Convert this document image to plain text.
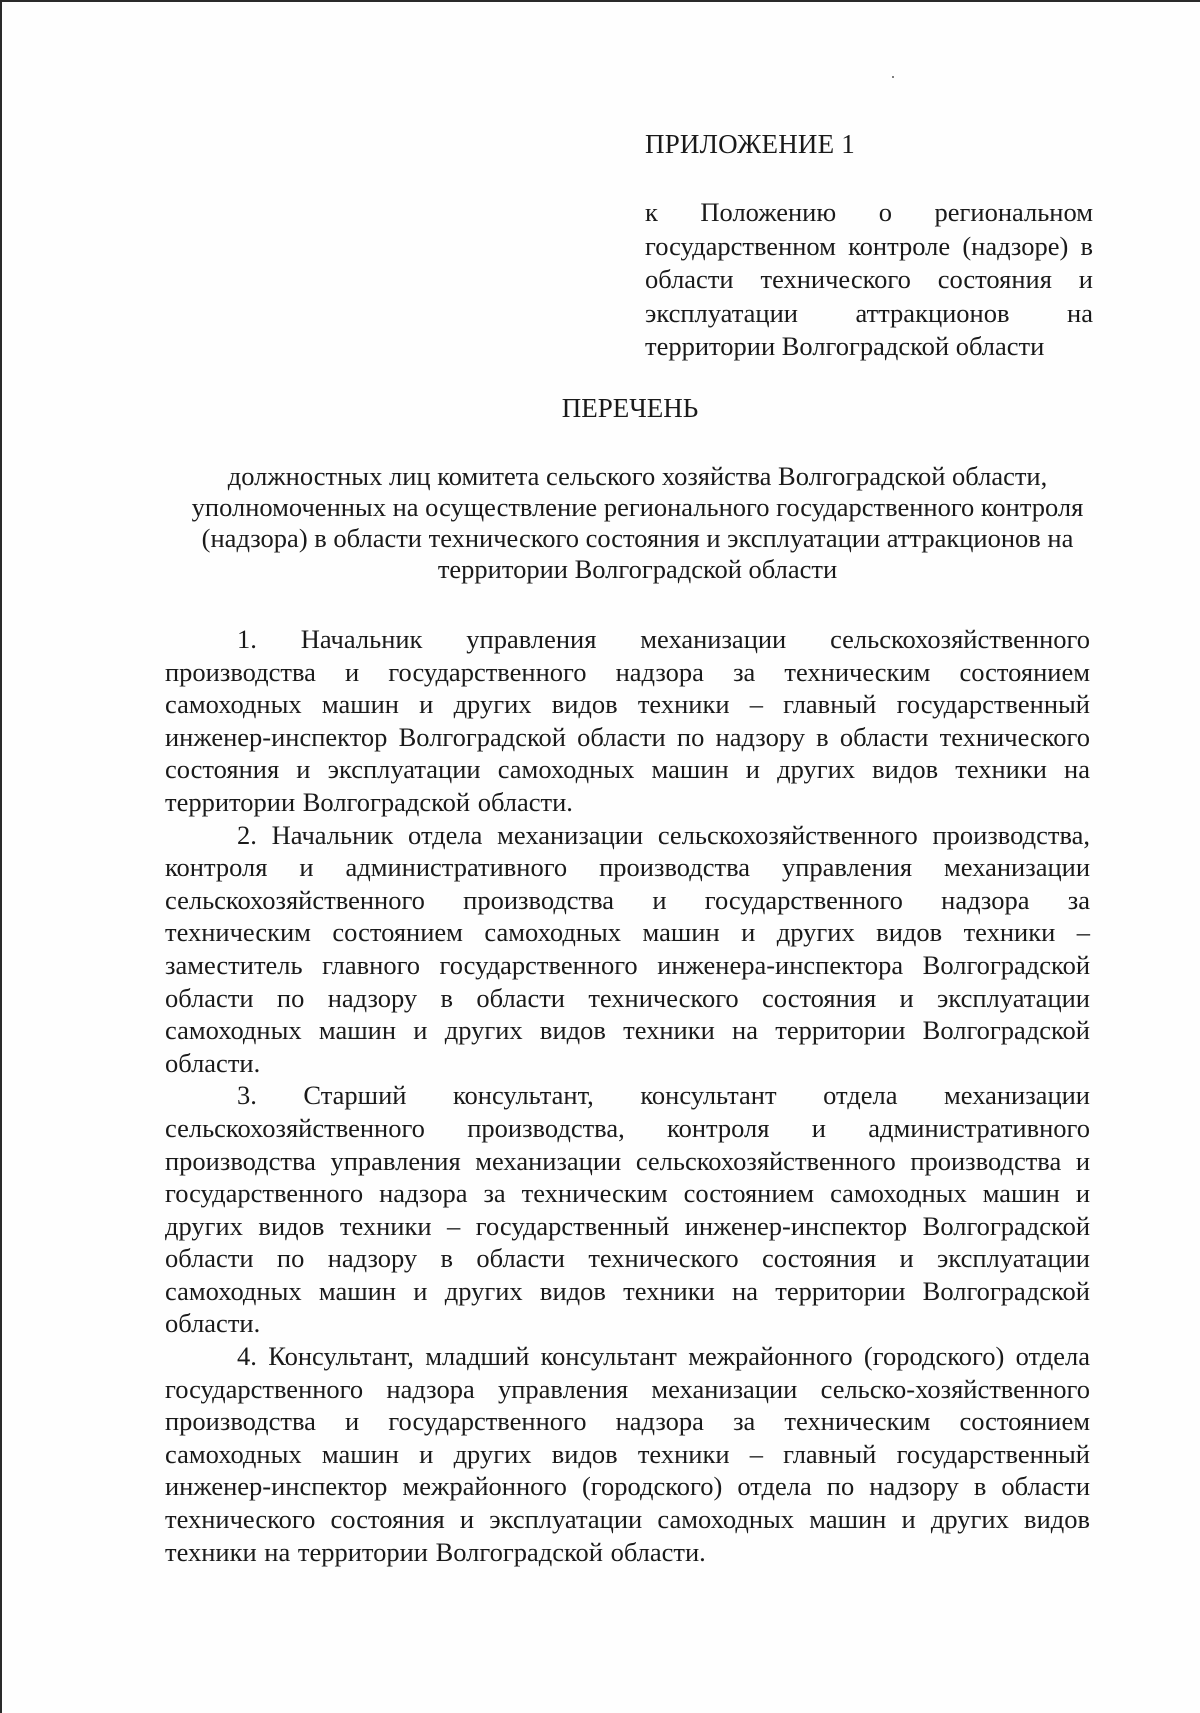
ПРИЛОЖЕНИЕ 1

к Положению о региональном государственном контроле (надзоре) в области технического состояния и эксплуатации аттракционов на территории Волгоградской области

ПЕРЕЧЕНЬ

должностных лиц комитета сельского хозяйства Волгоградской области, уполномоченных на осуществление регионального государственного контроля (надзора) в области технического состояния и эксплуатации аттракционов на территории Волгоградской области

1. Начальник управления механизации сельскохозяйственного производства и государственного надзора за техническим состоянием самоходных машин и других видов техники – главный государственный инженер-инспектор Волгоградской области по надзору в области технического состояния и эксплуатации самоходных машин и других видов техники на территории Волгоградской области.

2. Начальник отдела механизации сельскохозяйственного производства, контроля и административного производства управления механизации сельскохозяйственного производства и государственного надзора за техническим состоянием самоходных машин и других видов техники – заместитель главного государственного инженера-инспектора Волгоградской области по надзору в области технического состояния и эксплуатации самоходных машин и других видов техники на территории Волгоградской области.

3. Старший консультант, консультант отдела механизации сельскохозяйственного производства, контроля и административного производства управления механизации сельскохозяйственного производства и государственного надзора за техническим состоянием самоходных машин и других видов техники – государственный инженер-инспектор Волгоградской области по надзору в области технического состояния и эксплуатации самоходных машин и других видов техники на территории Волгоградской области.

4. Консультант, младший консультант межрайонного (городского) отдела государственного надзора управления механизации сельско-хозяйственного производства и государственного надзора за техническим состоянием самоходных машин и других видов техники – главный государственный инженер-инспектор межрайонного (городского) отдела по надзору в области технического состояния и эксплуатации самоходных машин и других видов техники на территории Волгоградской области.
